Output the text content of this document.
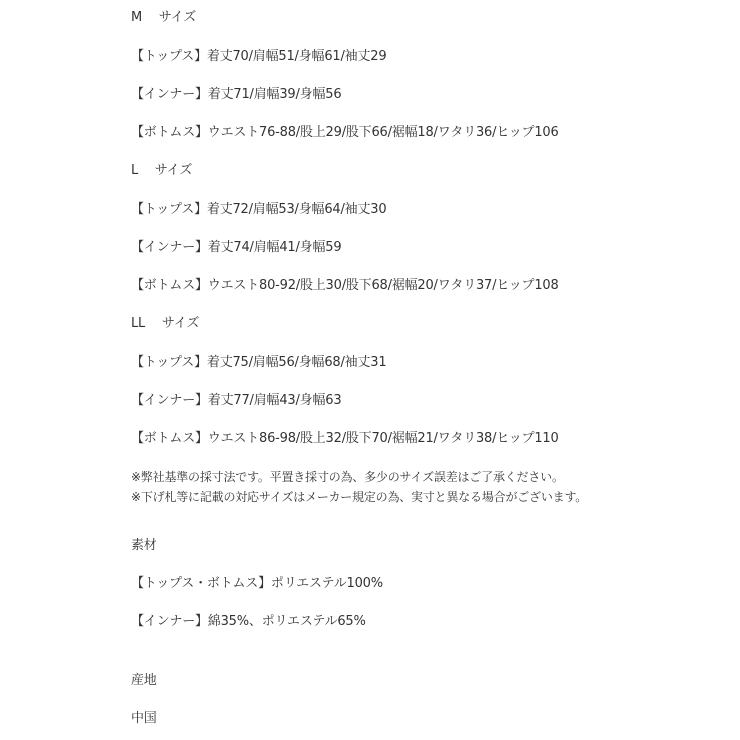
M　 サイズ
【トップス】着丈70/肩幅51/身幅61/袖丈29
【インナー】着丈71/肩幅39/身幅56
【ボトムス】ウエスト76-88/股上29/股下66/裾幅18/ワタリ36/ヒップ106
L　 サイズ
【トップス】着丈72/肩幅53/身幅64/袖丈30
【インナー】着丈74/肩幅41/身幅59
【ボトムス】ウエスト80-92/股上30/股下68/裾幅20/ワタリ37/ヒップ108
LL　 サイズ
【トップス】着丈75/肩幅56/身幅68/袖丈31
【インナー】着丈77/肩幅43/身幅63
【ボトムス】ウエスト86-98/股上32/股下70/裾幅21/ワタリ38/ヒップ110
※弊社基準の採寸法です。平置き採寸の為、多少のサイズ誤差はご了承ください。
※下げ札等に記載の対応サイズはメーカー規定の為、実寸と異なる場合がございます。
素材
【トップス・ボトムス】ポリエステル100%
【インナー】綿35%、ポリエステル65%
産地
中国
